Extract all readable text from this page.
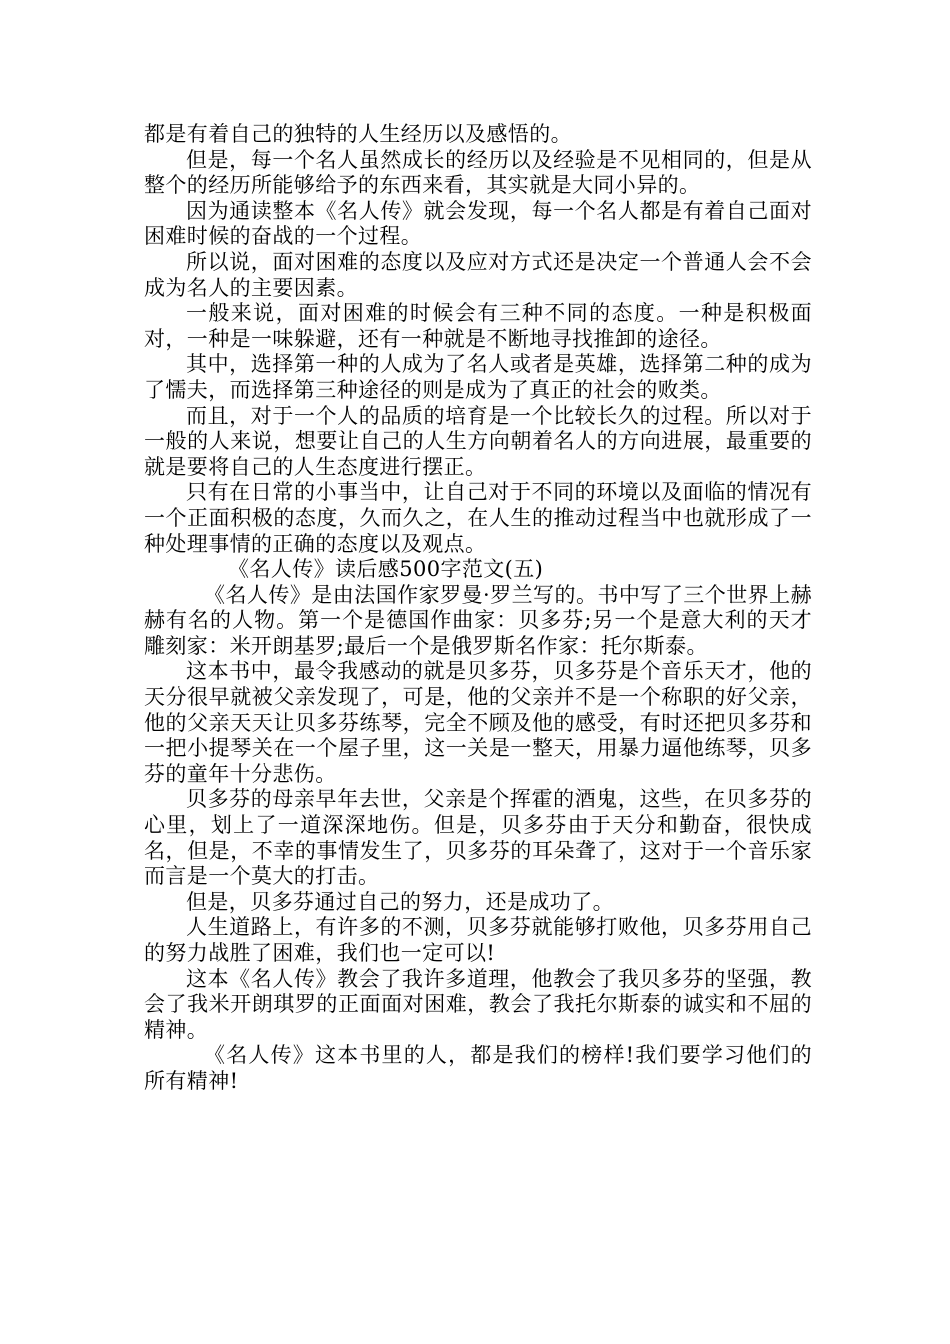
都是有着自己的独特的人生经历以及感悟的。

但是，每一个名人虽然成长的经历以及经验是不见相同的，但是从整个的经历所能够给予的东西来看，其实就是大同小异的。

因为通读整本《名人传》就会发现，每一个名人都是有着自己面对困难时候的奋战的一个过程。

所以说，面对困难的态度以及应对方式还是决定一个普通人会不会成为名人的主要因素。

一般来说，面对困难的时候会有三种不同的态度。一种是积极面对，一种是一味躲避，还有一种就是不断地寻找推卸的途径。

其中，选择第一种的人成为了名人或者是英雄，选择第二种的成为了懦夫，而选择第三种途径的则是成为了真正的社会的败类。

而且，对于一个人的品质的培育是一个比较长久的过程。所以对于一般的人来说，想要让自己的人生方向朝着名人的方向进展，最重要的就是要将自己的人生态度进行摆正。

只有在日常的小事当中，让自己对于不同的环境以及面临的情况有一个正面积极的态度，久而久之，在人生的推动过程当中也就形成了一种处理事情的正确的态度以及观点。

《名人传》读后感500字范文(五)

《名人传》是由法国作家罗曼·罗兰写的。书中写了三个世界上赫赫有名的人物。第一个是德国作曲家：贝多芬;另一个是意大利的天才雕刻家：米开朗基罗;最后一个是俄罗斯名作家：托尔斯泰。

这本书中，最令我感动的就是贝多芬，贝多芬是个音乐天才，他的天分很早就被父亲发现了，可是，他的父亲并不是一个称职的好父亲，他的父亲天天让贝多芬练琴，完全不顾及他的感受，有时还把贝多芬和一把小提琴关在一个屋子里，这一关是一整天，用暴力逼他练琴，贝多芬的童年十分悲伤。

贝多芬的母亲早年去世，父亲是个挥霍的酒鬼，这些，在贝多芬的心里，划上了一道深深地伤。但是，贝多芬由于天分和勤奋，很快成名，但是，不幸的事情发生了，贝多芬的耳朵聋了，这对于一个音乐家而言是一个莫大的打击。

但是，贝多芬通过自己的努力，还是成功了。

人生道路上，有许多的不测，贝多芬就能够打败他，贝多芬用自己的努力战胜了困难，我们也一定可以!

这本《名人传》教会了我许多道理，他教会了我贝多芬的坚强，教会了我米开朗琪罗的正面面对困难，教会了我托尔斯泰的诚实和不屈的精神。

《名人传》这本书里的人，都是我们的榜样!我们要学习他们的所有精神!
